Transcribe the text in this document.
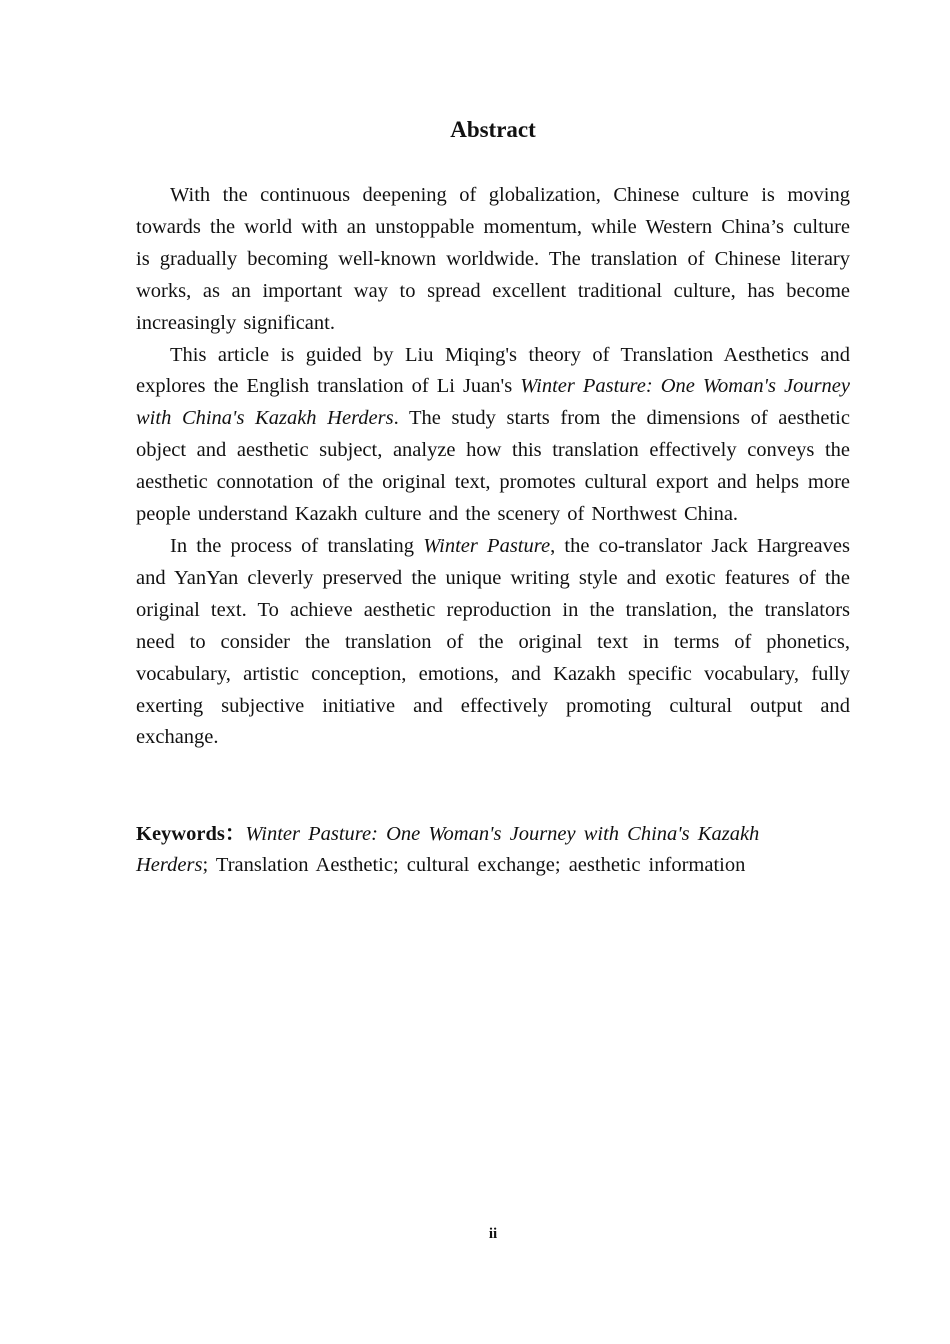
Abstract

With the continuous deepening of globalization, Chinese culture is moving towards the world with an unstoppable momentum, while Western China’s culture is gradually becoming well-known worldwide. The translation of Chinese literary works, as an important way to spread excellent traditional culture, has become increasingly significant.

This article is guided by Liu Miqing's theory of Translation Aesthetics and explores the English translation of Li Juan's Winter Pasture: One Woman's Journey with China's Kazakh Herders. The study starts from the dimensions of aesthetic object and aesthetic subject, analyze how this translation effectively conveys the aesthetic connotation of the original text, promotes cultural export and helps more people understand Kazakh culture and the scenery of Northwest China.

In the process of translating Winter Pasture, the co-translator Jack Hargreaves and YanYan cleverly preserved the unique writing style and exotic features of the original text. To achieve aesthetic reproduction in the translation, the translators need to consider the translation of the original text in terms of phonetics, vocabulary, artistic conception, emotions, and Kazakh specific vocabulary, fully exerting subjective initiative and effectively promoting cultural output and exchange.

Keywords：Winter Pasture: One Woman's Journey with China's Kazakh Herders; Translation Aesthetic; cultural exchange; aesthetic information
ii
